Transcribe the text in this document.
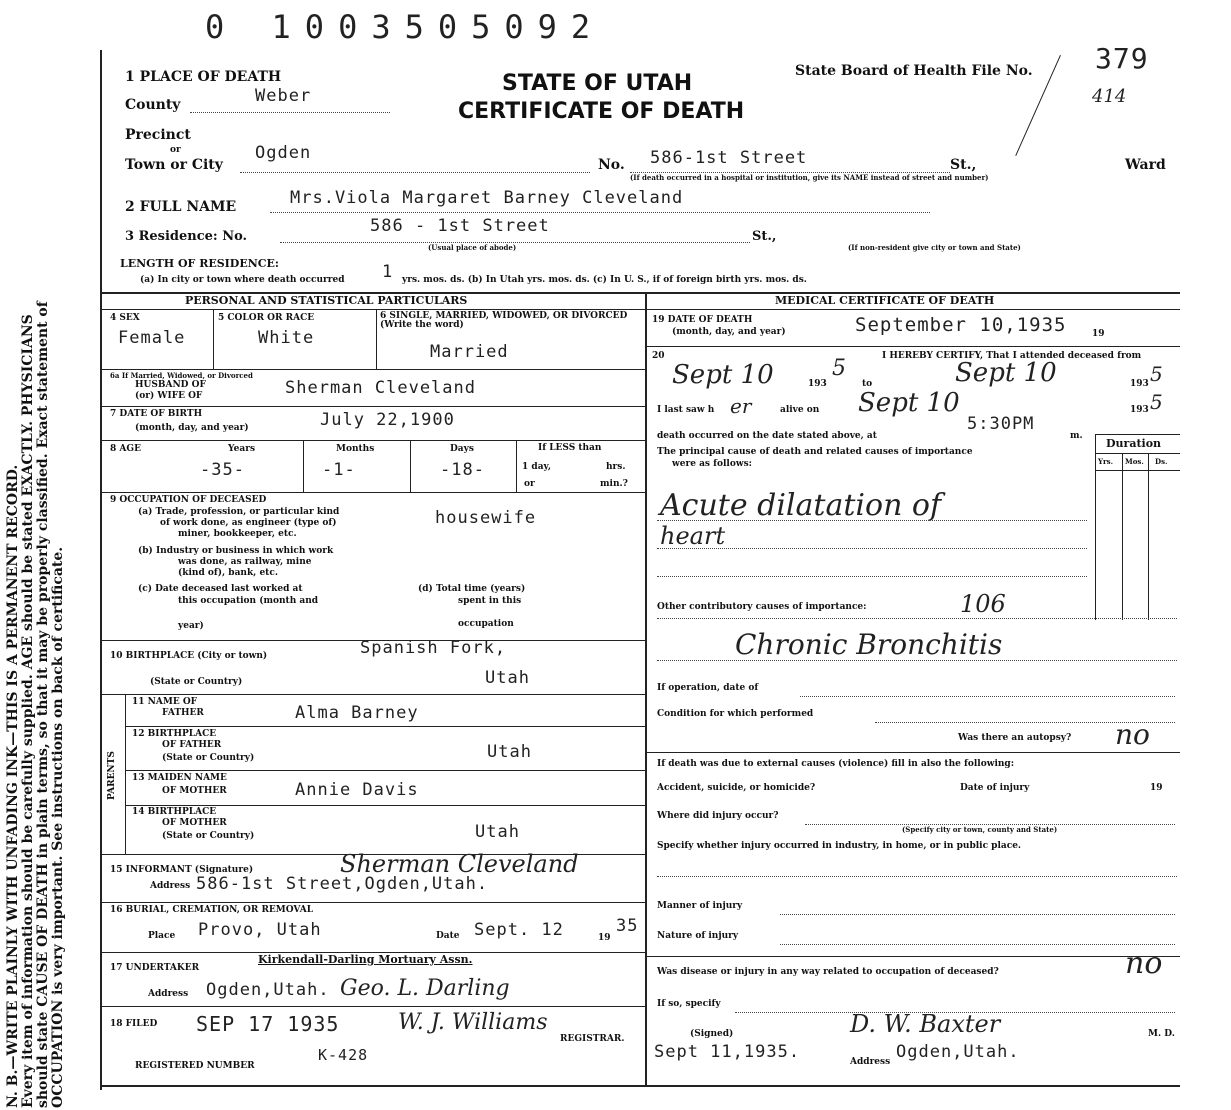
0 1003505092
N. B.—WRITE PLAINLY WITH UNFADING INK—THIS IS A PERMANENT RECORD. Every item of information should be carefully supplied. AGE should be stated EXACTLY. PHYSICIANS should state CAUSE OF DEATH in plain terms, so that it may be properly classified. Exact statement of OCCUPATION is very important. See instructions on back of certificate.
1 PLACE OF DEATH
County	Weber
Precinct
or
Town or City
Ogden
STATE OF UTAH
CERTIFICATE OF DEATH
State Board of Health File No. 379
414
No. 586-1st Street	St.,	Ward
(If death occurred in a hospital or institution, give its NAME instead of street and number)
2 FULL NAME	Mrs.Viola Margaret Barney Cleveland
3 Residence: No.
586 - 1st Street
St.,
(Usual place of abode)	(If non-resident give city or town and State)
LENGTH OF RESIDENCE:
(a) In city or town where death occurred 1 yrs. mos. ds. (b) In Utah yrs. mos. ds. (c) In U. S., if of foreign birth yrs. mos. ds.
PERSONAL AND STATISTICAL PARTICULARS	MEDICAL CERTIFICATE OF DEATH
4 SEX
Female
5 COLOR OR RACE
White
6 SINGLE, MARRIED, WIDOWED, OR DIVORCED (Write the word)
Married
6a If Married, Widowed, or Divorced
HUSBAND OF
(or) WIFE OF	Sherman Cleveland
7 DATE OF BIRTH
(month, day, and year)	July 22,1900
8 AGE	Years
-35-
Months
-1-
Days
-18-
If LESS than
1 day,	hrs.
or	min.?
9 OCCUPATION OF DECEASED
(a) Trade, profession, or particular kind
of work done, as engineer (type of)
miner, bookkeeper, etc.
housewife
(b) Industry or business in which work
was done, as railway, mine
(kind of), bank, etc.
(c) Date deceased last worked at
this occupation (month and
year)
(d) Total time (years)
spent in this
occupation
10 BIRTHPLACE (City or town)	Spanish Fork,
(State or Country)	Utah
PARENTS
11 NAME OF
FATHER	Alma Barney
12 BIRTHPLACE
OF FATHER
(State or Country)	Utah
13 MAIDEN NAME
OF MOTHER	Annie Davis
14 BIRTHPLACE
OF MOTHER
(State or Country)	Utah
15 INFORMANT (Signature)	Sherman Cleveland
Address 586-1st Street,Ogden,Utah.
16 BURIAL, CREMATION, OR REMOVAL
Place Provo, Utah	Date Sept. 12	19
35
17 UNDERTAKER
Kirkendall-Darling Mortuary Assn.
Address Ogden,Utah. Geo. L. Darling
18 FILED SEP 17 1935	W. J. Williams
REGISTRAR.
REGISTERED NUMBER
K-428
19 DATE OF DEATH
(month, day, and year)	September 10,1935	19
20	I HEREBY CERTIFY, That I attended deceased from
Sept 10	193
5
to	Sept 10	193 5
I last saw h er	alive on Sept 10	193 5
death occurred on the date stated above, at
5:30PM
m.
The principal cause of death and related causes of importance
were as follows:
Duration
Yrs. Mos. Ds.
Acute dilatation of
heart
Other contributory causes of importance:	106
Chronic Bronchitis
If operation, date of
Condition for which performed
Was there an autopsy? no
If death was due to external causes (violence) fill in also the following:
Accident, suicide, or homicide?	Date of injury	19
Where did injury occur?
(Specify city or town, county and State)
Specify whether injury occurred in industry, in home, or in public place.
Manner of injury
Nature of injury
Was disease or injury in any way related to occupation of deceased?	no
If so, specify
(Signed)	D. W. Baxter	M. D.
Sept 11,1935.	Address Ogden,Utah.
